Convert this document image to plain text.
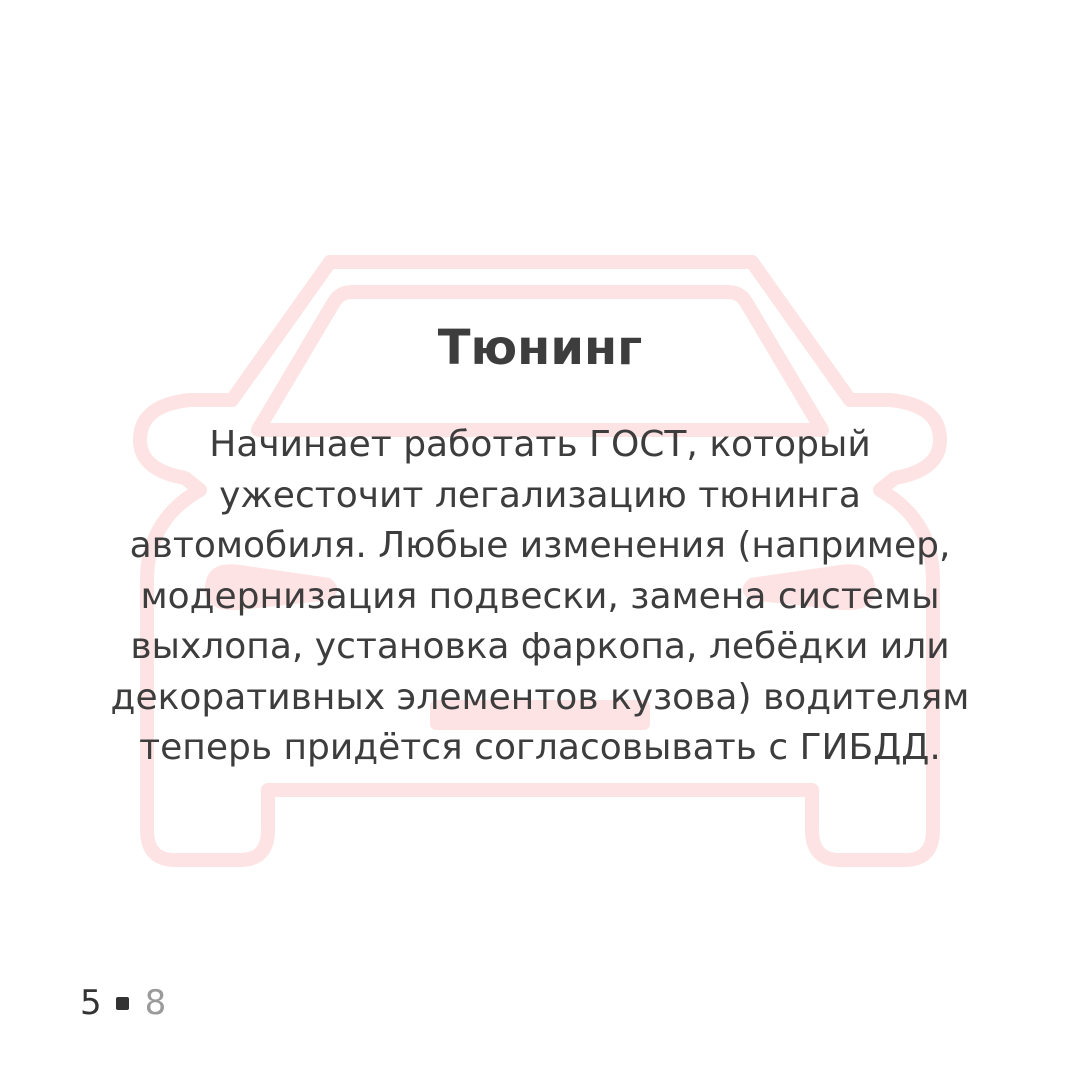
Тюнинг

Начинает работать ГОСТ, который
ужесточит легализацию тюнинга
автомобиля. Любые изменения (например,
модернизация подвески, замена системы
выхлопа, установка фаркопа, лебёдки или
декоративных элементов кузова) водителям
теперь придётся согласовывать с ГИБДД.

5 8
